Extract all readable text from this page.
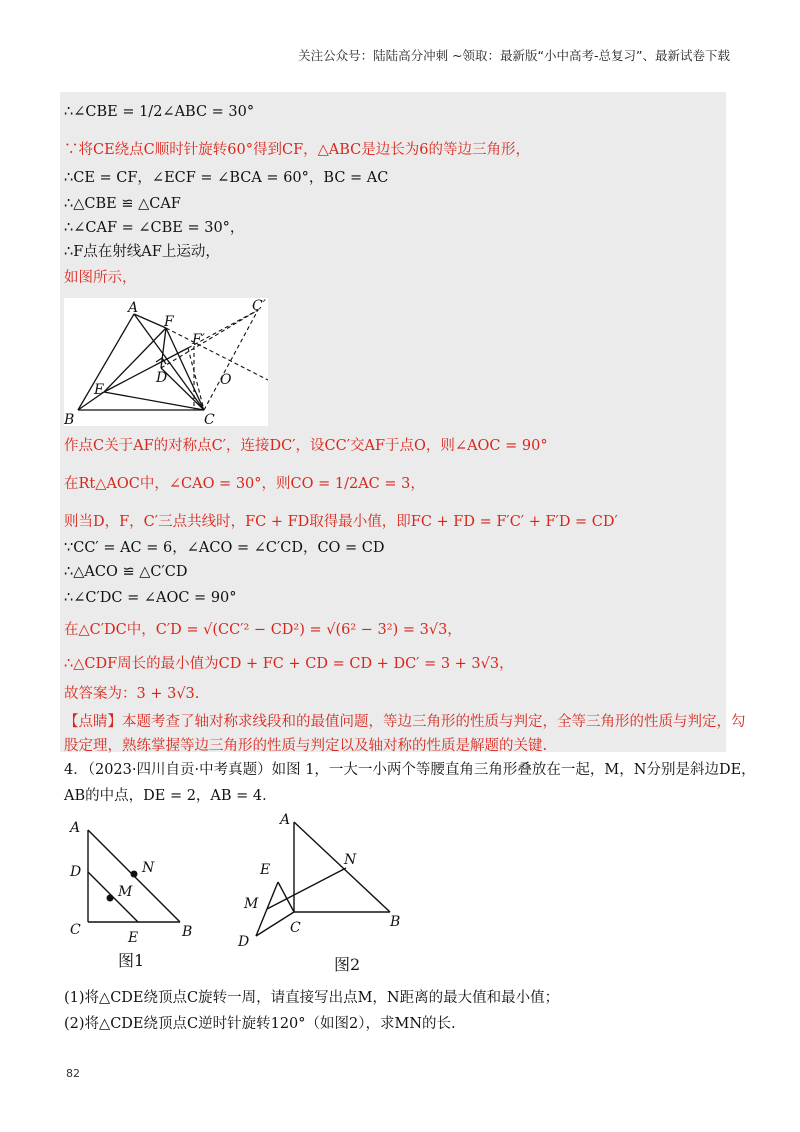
关注公众号：陆陆高分冲刺 ~领取：最新版“小中高考-总复习”、最新试卷下载
∴∠CBE = 1/2∠ABC = 30°
∵将CE绕点C顺时针旋转60°得到CF，△ABC是边长为6的等边三角形，
∴CE = CF，∠ECF = ∠BCA = 60°，BC = AC
∴△CBE ≌ △CAF
∴∠CAF = ∠CBE = 30°，
∴F点在射线AF上运动，
如图所示，
作点C关于AF的对称点C′，连接DC′，设CC′交AF于点O，则∠AOC = 90°
在Rt△AOC中，∠CAO = 30°，则CO = 1/2AC = 3，
则当D，F，C′三点共线时，FC + FD取得最小值，即FC + FD = F′C′ + F′D = CD′
∵CC′ = AC = 6，∠ACO = ∠C′CD，CO = CD
∴△ACO ≌ △C′CD
∴∠C′DC = ∠AOC = 90°
在△C′DC中，C′D = √(CC′² − CD²) = √(6² − 3²) = 3√3，
∴△CDF周长的最小值为CD + FC + CD = CD + DC′ = 3 + 3√3，
故答案为：3 + 3√3.
【点睛】本题考查了轴对称求线段和的最值问题，等边三角形的性质与判定，全等三角形的性质与判定，勾
股定理，熟练掌握等边三角形的性质与判定以及轴对称的性质是解题的关键.
A
F
C′
F′
D	O
E
B	C
4．（2023·四川自贡·中考真题）如图 1，一大一小两个等腰直角三角形叠放在一起，M，N分别是斜边DE，
AB的中点，DE = 2，AB = 4．
A
D	N
M
C	E	B
图1
A
E
N
M
C	B
D
图2
(1)将△CDE绕顶点C旋转一周，请直接写出点M，N距离的最大值和最小值；
(2)将△CDE绕顶点C逆时针旋转120°（如图2），求MN的长.
82
